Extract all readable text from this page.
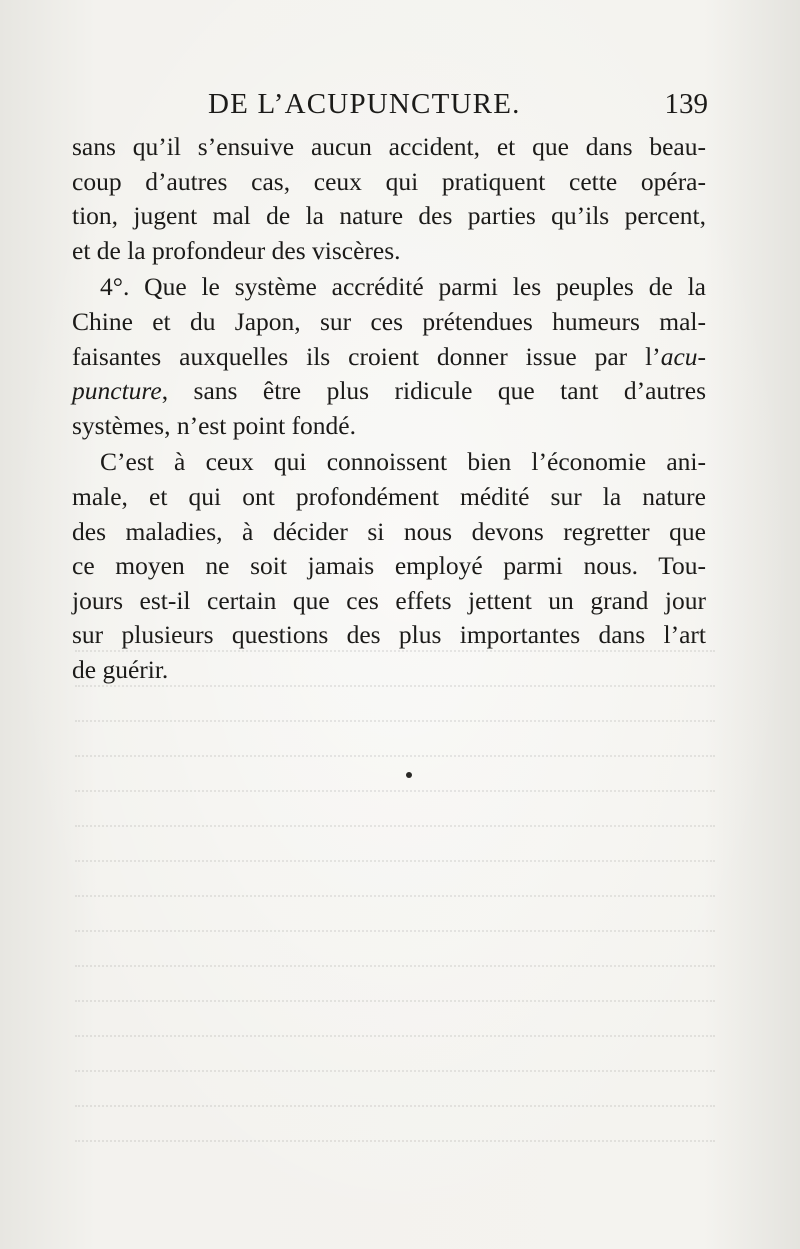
DE L’ACUPUNCTURE.	139
sans qu’il s’ensuive aucun accident, et que dans beau-
coup d’autres cas, ceux qui pratiquent cette opéra-
tion, jugent mal de la nature des parties qu’ils percent,
et de la profondeur des viscères.
4°. Que le système accrédité parmi les peuples de la
Chine et du Japon, sur ces prétendues humeurs mal-
faisantes auxquelles ils croient donner issue par l’acu-
puncture, sans être plus ridicule que tant d’autres
systèmes, n’est point fondé.
C’est à ceux qui connoissent bien l’économie ani-
male, et qui ont profondément médité sur la nature
des maladies, à décider si nous devons regretter que
ce moyen ne soit jamais employé parmi nous. Tou-
jours est-il certain que ces effets jettent un grand jour
sur plusieurs questions des plus importantes dans l’art
de guérir.
